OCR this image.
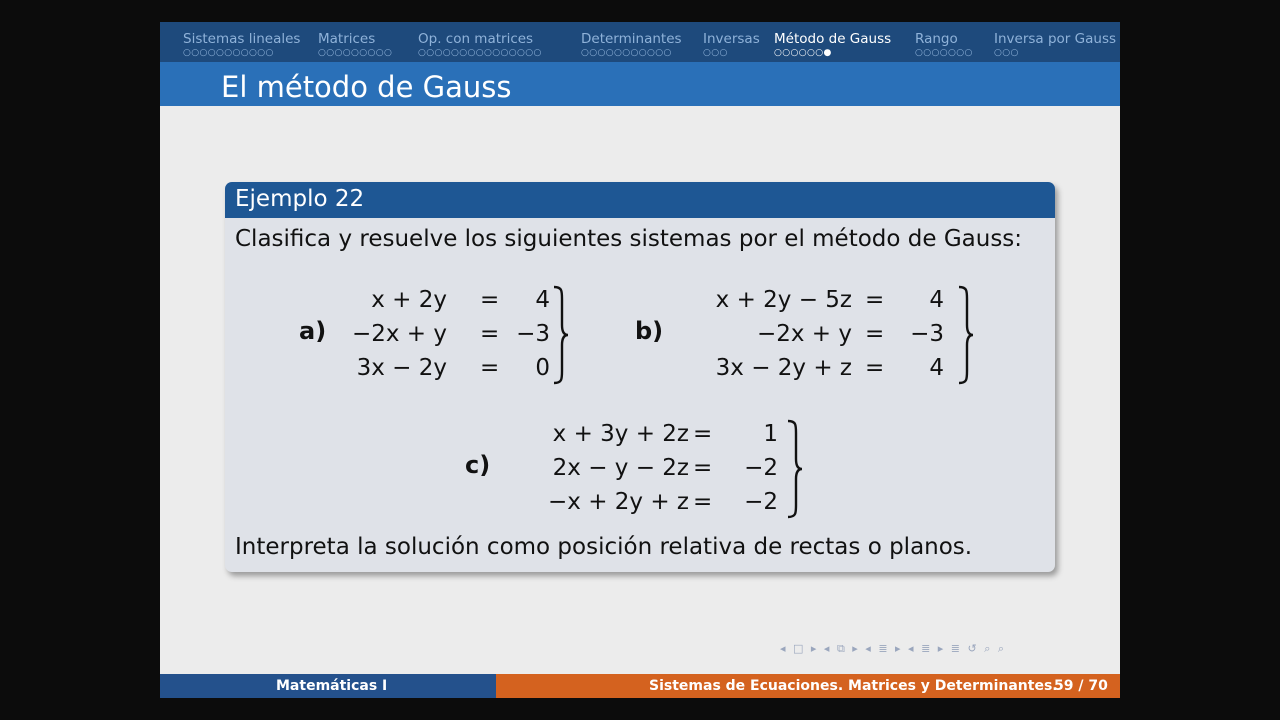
Sistemas lineales
○○○○○○○○○○○
Matrices
○○○○○○○○○
Op. con matrices
○○○○○○○○○○○○○○○
Determinantes
○○○○○○○○○○○
Inversas
○○○
Método de Gauss
○○○○○○●
Rango
○○○○○○○
Inversa por Gauss
○○○
El método de Gauss
Ejemplo 22
Clasifica y resuelve los siguientes sistemas por el método de Gauss:
a)
x + 2y = 4
−2x + y = −3
3x − 2y = 0
b)
x + 2y − 5z = 4
−2x + y = −3
3x − 2y + z = 4
c)
x + 3y + 2z = 1
2x − y − 2z = −2
−x + 2y + z = −2
Interpreta la solución como posición relativa de rectas o planos.
◂ □ ▸ ◂ ⧉ ▸ ◂ ≣ ▸ ◂ ≣ ▸ ≣ ↺ ⌕ ⌕
Matemáticas I	Sistemas de Ecuaciones. Matrices y Determinantes.
59 / 70
